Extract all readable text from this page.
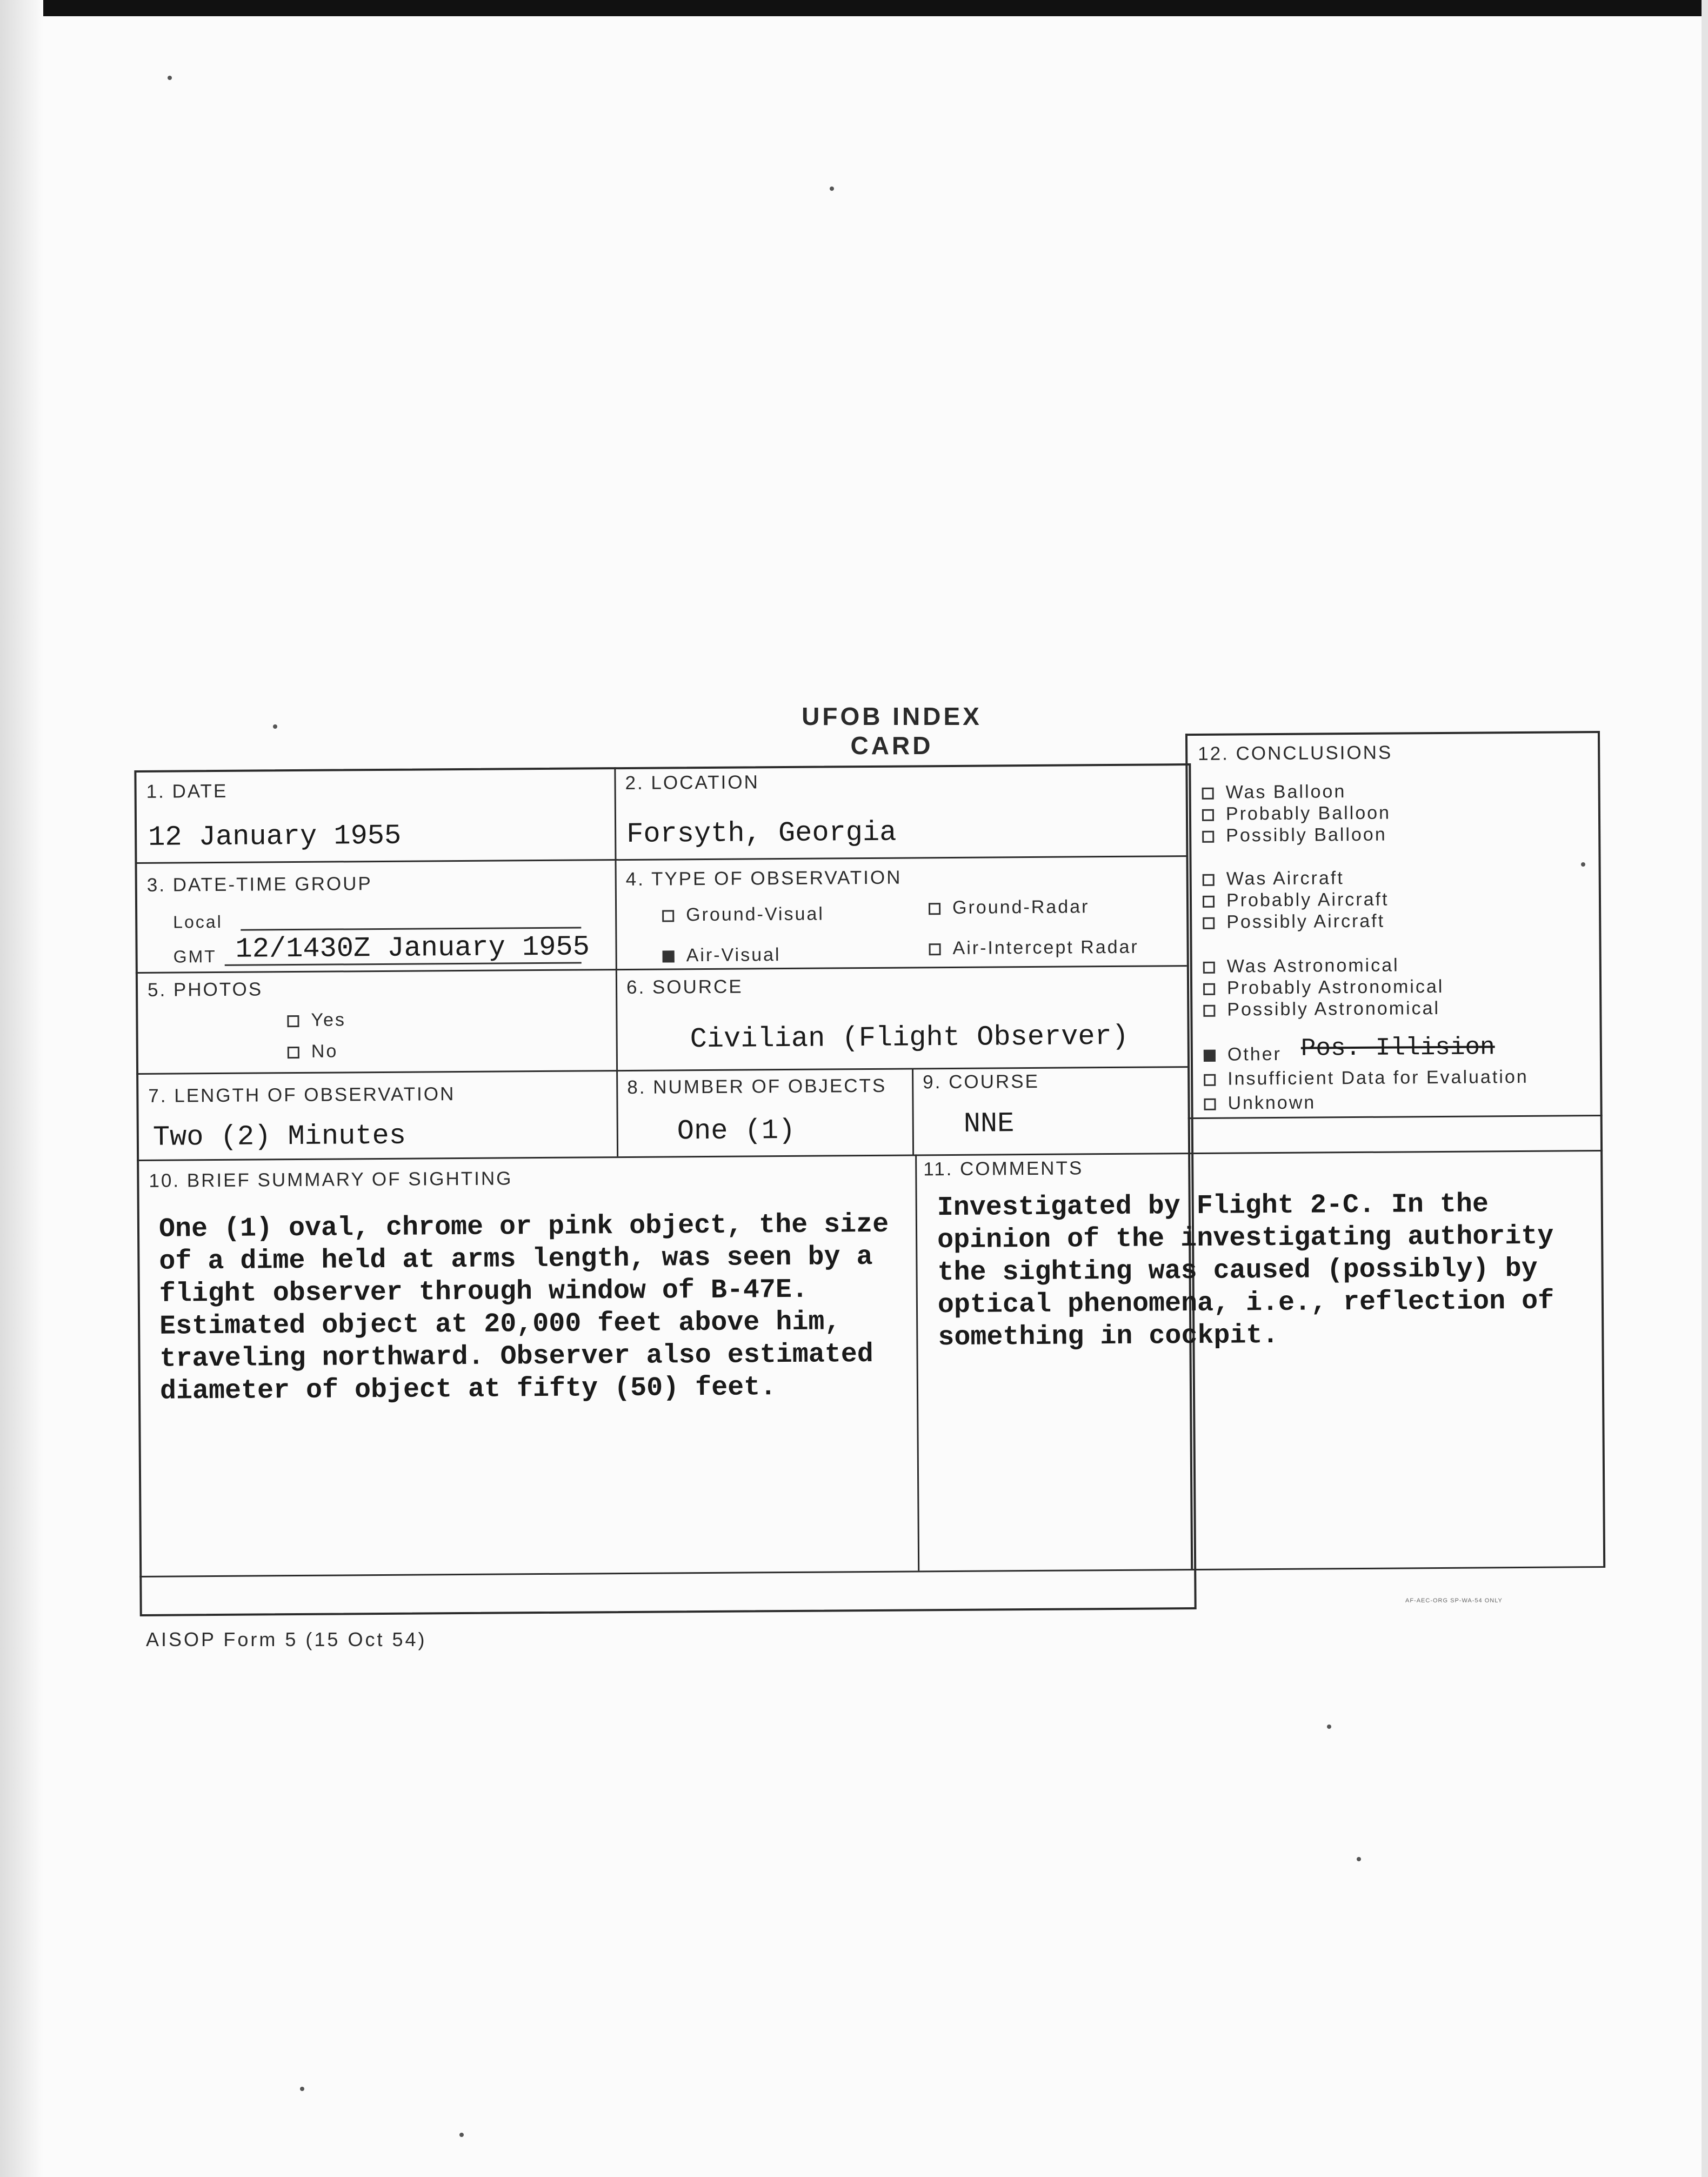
UFOB INDEX CARD
1. DATE
12 January 1955
2. LOCATION
Forsyth, Georgia
3. DATE-TIME GROUP
Local
GMT 12/1430Z January 1955
4. TYPE OF OBSERVATION
Ground-Visual	Ground-Radar
Air-Visual	Air-Intercept Radar
5. PHOTOS
Yes
No
6. SOURCE
Civilian (Flight Observer)
7. LENGTH OF OBSERVATION
Two (2) Minutes
8. NUMBER OF OBJECTS
One (1)
9. COURSE
NNE
10. BRIEF SUMMARY OF SIGHTING
One (1) oval, chrome or pink object, the size of a dime held at arms length, was seen by a flight observer through window of B-47E. Estimated object at 20,000 feet above him, traveling northward. Observer also estimated diameter of object at fifty (50) feet.
11. COMMENTS
Investigated by Flight 2-C. In the opinion of the investigating authority the sighting was caused (possibly) by optical phenomena, i.e., reflection of something in cockpit.
12. CONCLUSIONS
Was Balloon
Probably Balloon
Possibly Balloon
Was Aircraft
Probably Aircraft
Possibly Aircraft
Was Astronomical
Probably Astronomical
Possibly Astronomical
Other Pos. Illision
Insufficient Data for Evaluation
Unknown
AF-AEC-ORG SP-WA-54 ONLY
AISOP Form 5 (15 Oct 54)
